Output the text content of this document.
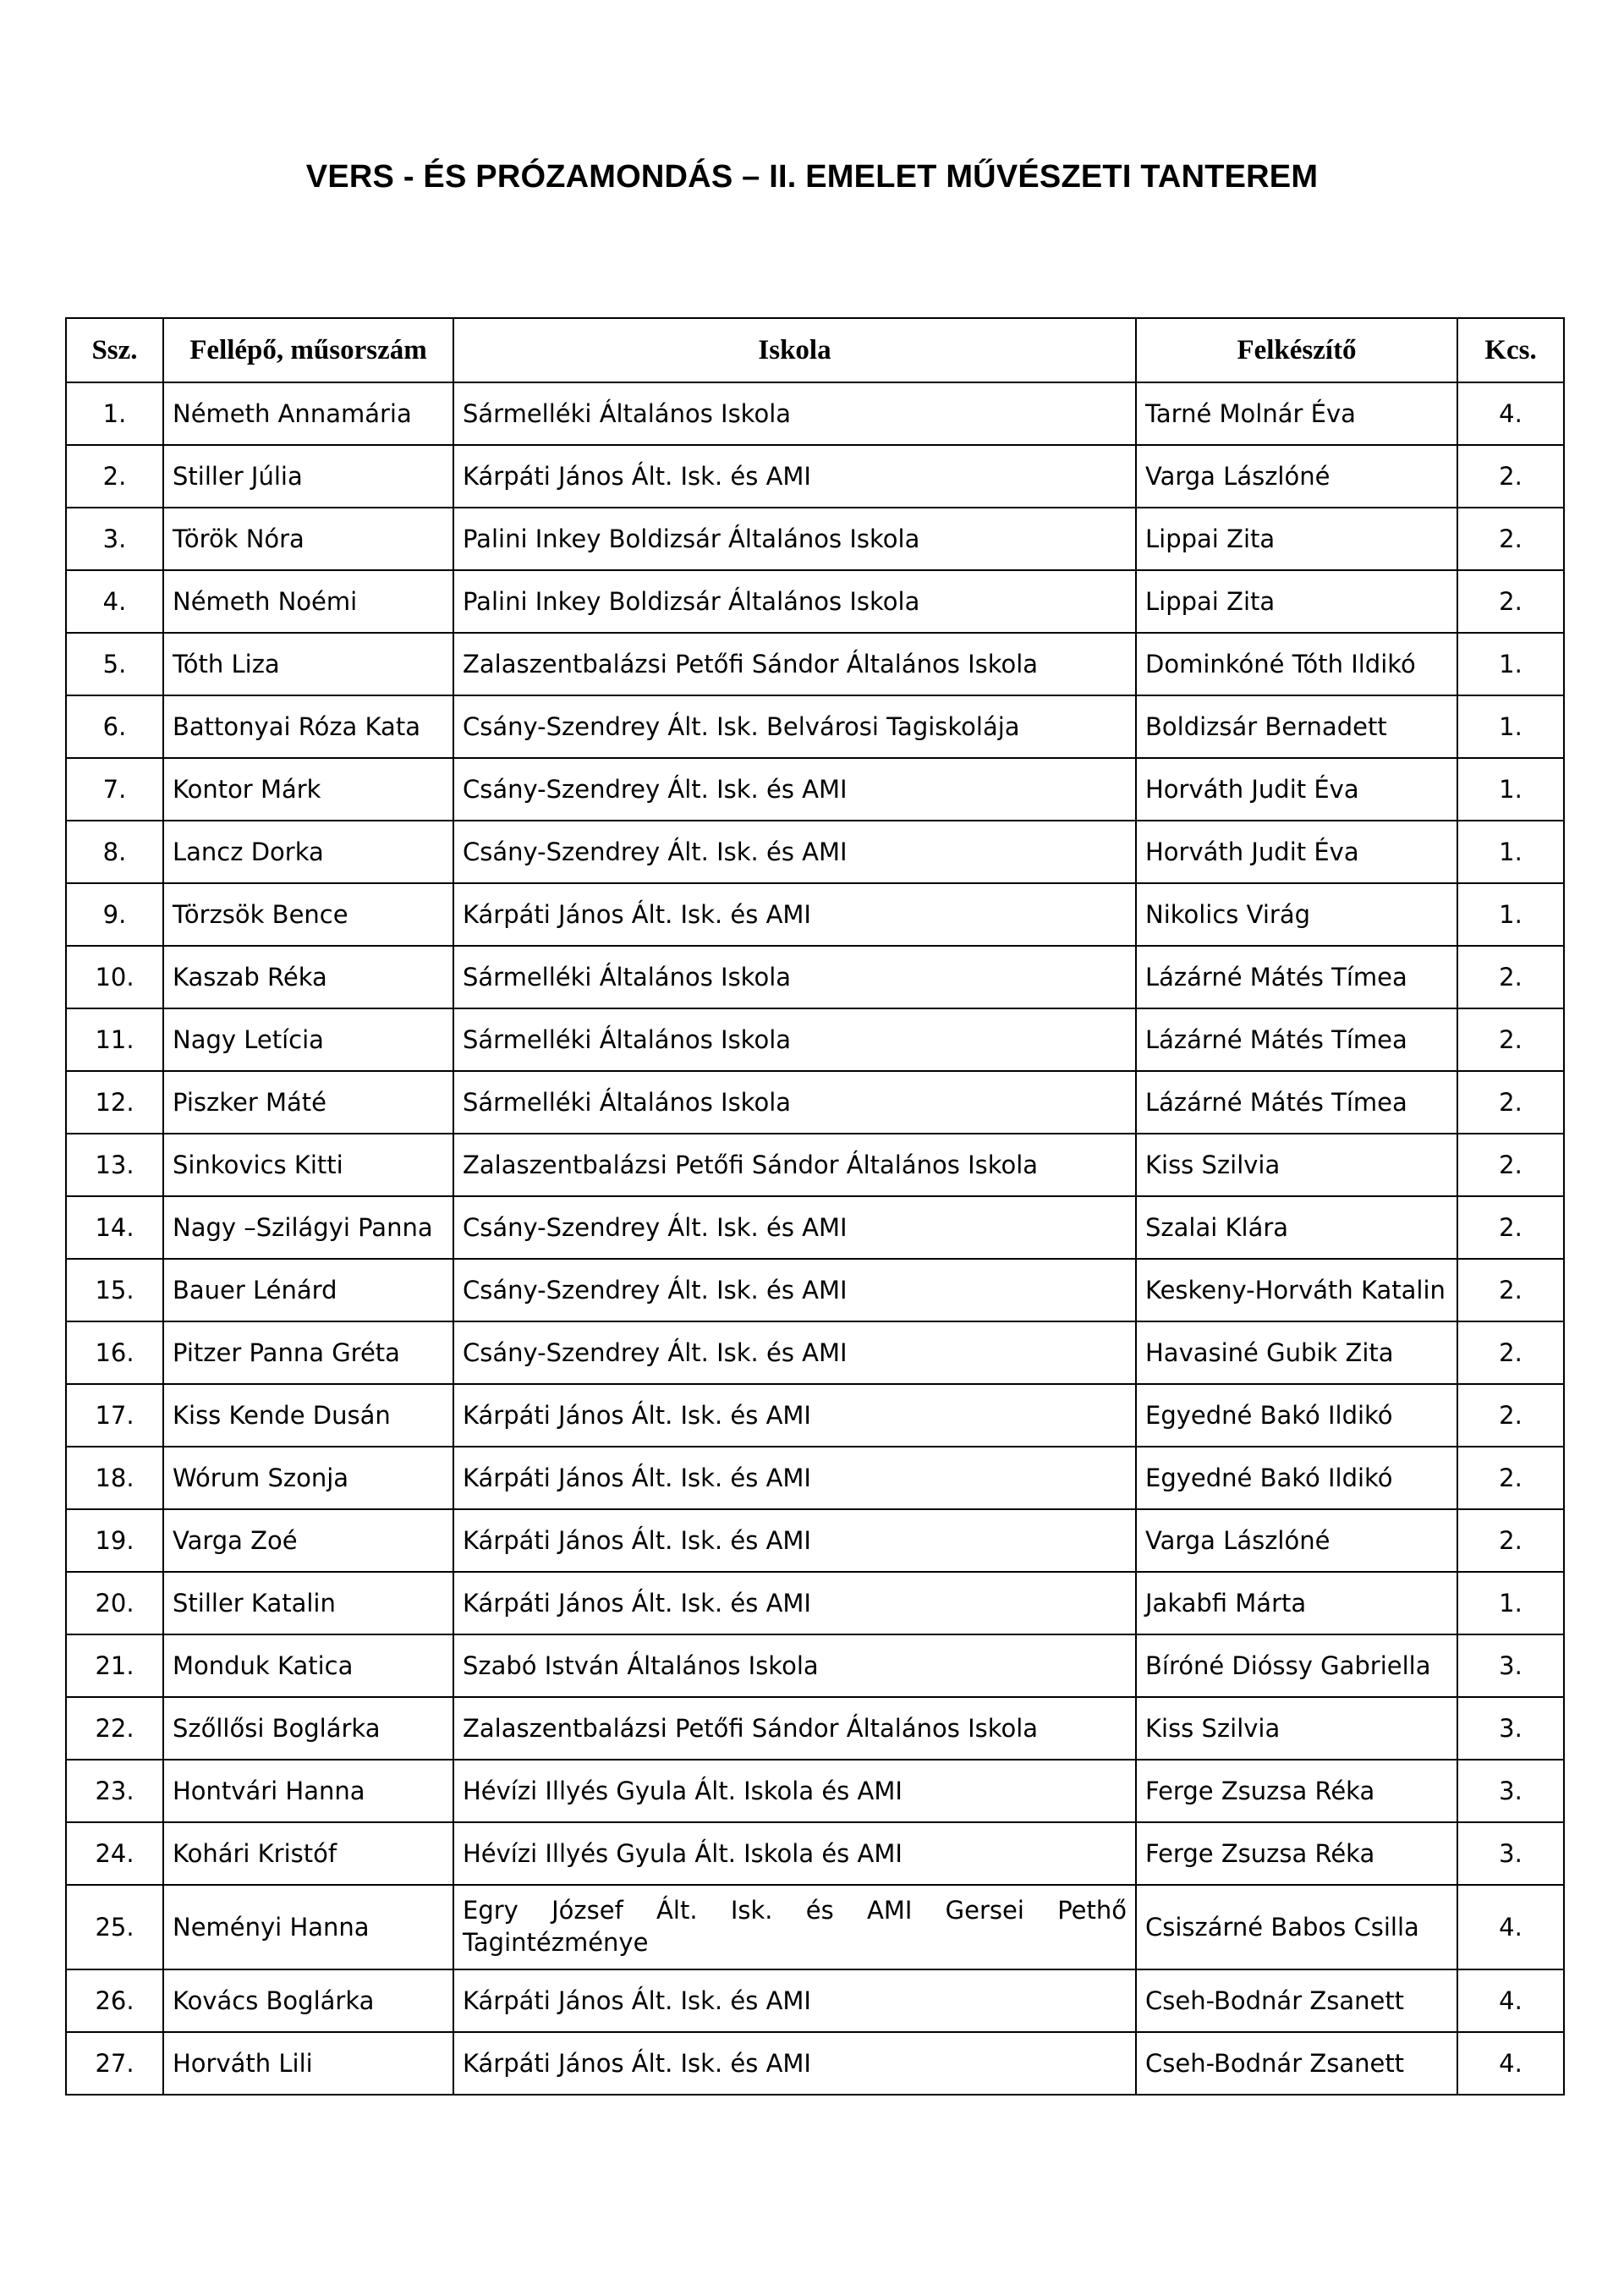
VERS - ÉS PRÓZAMONDÁS – II. EMELET MŰVÉSZETI TANTEREM
Ssz.	Fellépő, műsorszám	Iskola	Felkészítő	Kcs.
1.	Németh Annamária	Sármelléki Általános Iskola	Tarné Molnár Éva	4.
2.	Stiller Júlia	Kárpáti János Ált. Isk. és AMI	Varga Lászlóné	2.
3.	Török Nóra	Palini Inkey Boldizsár Általános Iskola	Lippai Zita	2.
4.	Németh Noémi	Palini Inkey Boldizsár Általános Iskola	Lippai Zita	2.
5.	Tóth Liza	Zalaszentbalázsi Petőfi Sándor Általános Iskola	Dominkóné Tóth Ildikó	1.
6.	Battonyai Róza Kata	Csány-Szendrey Ált. Isk. Belvárosi Tagiskolája	Boldizsár Bernadett	1.
7.	Kontor Márk	Csány-Szendrey Ált. Isk. és AMI	Horváth Judit Éva	1.
8.	Lancz Dorka	Csány-Szendrey Ált. Isk. és AMI	Horváth Judit Éva	1.
9.	Törzsök Bence	Kárpáti János Ált. Isk. és AMI	Nikolics Virág	1.
10.	Kaszab Réka	Sármelléki Általános Iskola	Lázárné Mátés Tímea	2.
11.	Nagy Letícia	Sármelléki Általános Iskola	Lázárné Mátés Tímea	2.
12.	Piszker Máté	Sármelléki Általános Iskola	Lázárné Mátés Tímea	2.
13.	Sinkovics Kitti	Zalaszentbalázsi Petőfi Sándor Általános Iskola	Kiss Szilvia	2.
14.	Nagy –Szilágyi Panna	Csány-Szendrey Ált. Isk. és AMI	Szalai Klára	2.
15.	Bauer Lénárd	Csány-Szendrey Ált. Isk. és AMI	Keskeny-Horváth Katalin	2.
16.	Pitzer Panna Gréta	Csány-Szendrey Ált. Isk. és AMI	Havasiné Gubik Zita	2.
17.	Kiss Kende Dusán	Kárpáti János Ált. Isk. és AMI	Egyedné Bakó Ildikó	2.
18.	Wórum Szonja	Kárpáti János Ált. Isk. és AMI	Egyedné Bakó Ildikó	2.
19.	Varga Zoé	Kárpáti János Ált. Isk. és AMI	Varga Lászlóné	2.
20.	Stiller Katalin	Kárpáti János Ált. Isk. és AMI	Jakabfi Márta	1.
21.	Monduk Katica	Szabó István Általános Iskola	Bíróné Dióssy Gabriella	3.
22.	Szőllősi Boglárka	Zalaszentbalázsi Petőfi Sándor Általános Iskola	Kiss Szilvia	3.
23.	Hontvári Hanna	Hévízi Illyés Gyula Ált. Iskola és AMI	Ferge Zsuzsa Réka	3.
24.	Kohári Kristóf	Hévízi Illyés Gyula Ált. Iskola és AMI	Ferge Zsuzsa Réka	3.
25.	Neményi Hanna	Egry József Ált. Isk. és AMI Gersei Pethő Tagintézménye	Csiszárné Babos Csilla	4.
26.	Kovács Boglárka	Kárpáti János Ált. Isk. és AMI	Cseh-Bodnár Zsanett	4.
27.	Horváth Lili	Kárpáti János Ált. Isk. és AMI	Cseh-Bodnár Zsanett	4.
